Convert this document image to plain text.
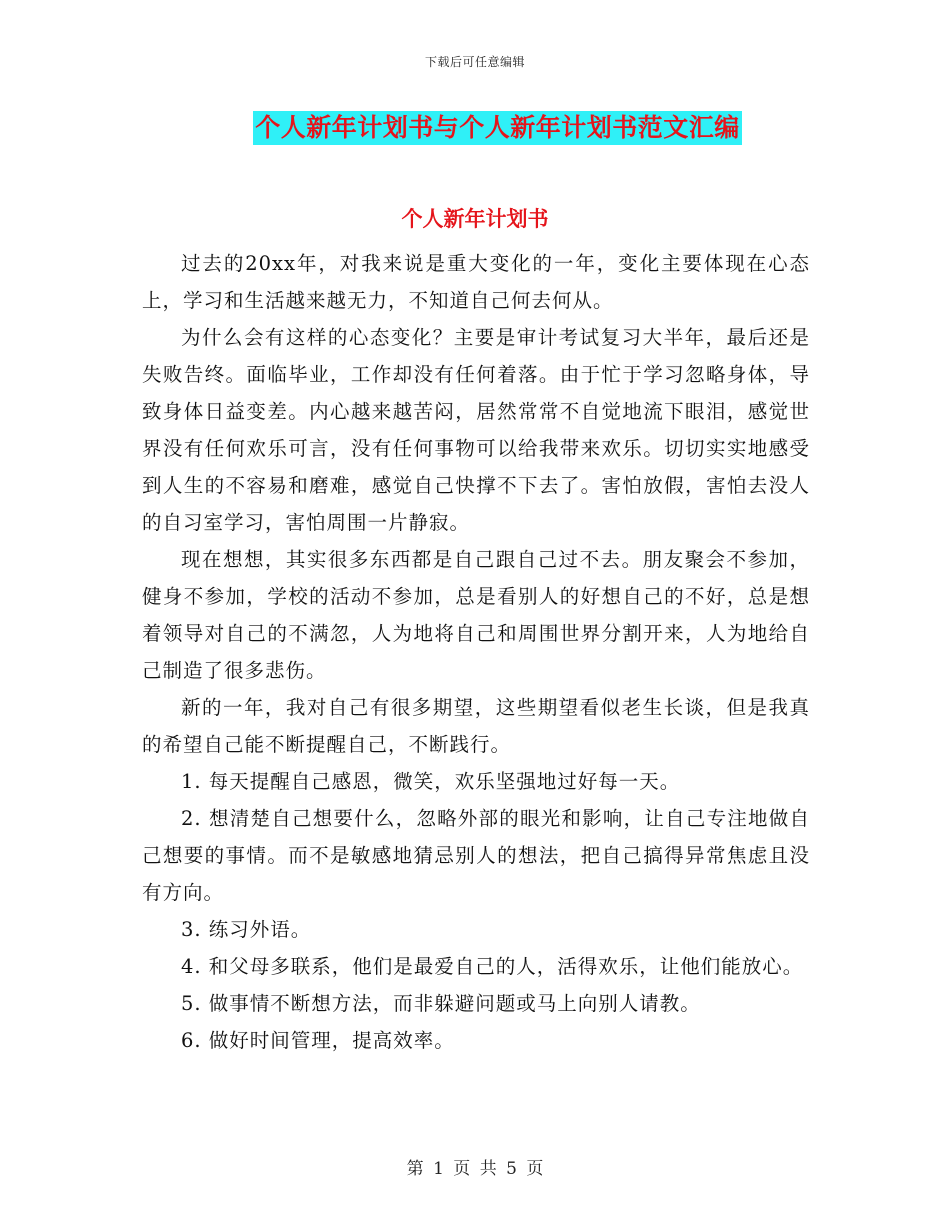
下载后可任意编辑
个人新年计划书与个人新年计划书范文汇编
个人新年计划书

过去的20xx年，对我来说是重大变化的一年，变化主要体现在心态上，学习和生活越来越无力，不知道自己何去何从。

为什么会有这样的心态变化？主要是审计考试复习大半年，最后还是失败告终。面临毕业，工作却没有任何着落。由于忙于学习忽略身体，导致身体日益变差。内心越来越苦闷，居然常常不自觉地流下眼泪，感觉世界没有任何欢乐可言，没有任何事物可以给我带来欢乐。切切实实地感受到人生的不容易和磨难，感觉自己快撑不下去了。害怕放假，害怕去没人的自习室学习，害怕周围一片静寂。

现在想想，其实很多东西都是自己跟自己过不去。朋友聚会不参加，健身不参加，学校的活动不参加，总是看别人的好想自己的不好，总是想着领导对自己的不满忽，人为地将自己和周围世界分割开来，人为地给自己制造了很多悲伤。

新的一年，我对自己有很多期望，这些期望看似老生长谈，但是我真的希望自己能不断提醒自己，不断践行。

1. 每天提醒自己感恩，微笑，欢乐坚强地过好每一天。

2. 想清楚自己想要什么，忽略外部的眼光和影响，让自己专注地做自己想要的事情。而不是敏感地猜忌别人的想法，把自己搞得异常焦虑且没有方向。

3. 练习外语。

4. 和父母多联系，他们是最爱自己的人，活得欢乐，让他们能放心。

5. 做事情不断想方法，而非躲避问题或马上向别人请教。

6. 做好时间管理，提高效率。

第 1 页 共 5 页
